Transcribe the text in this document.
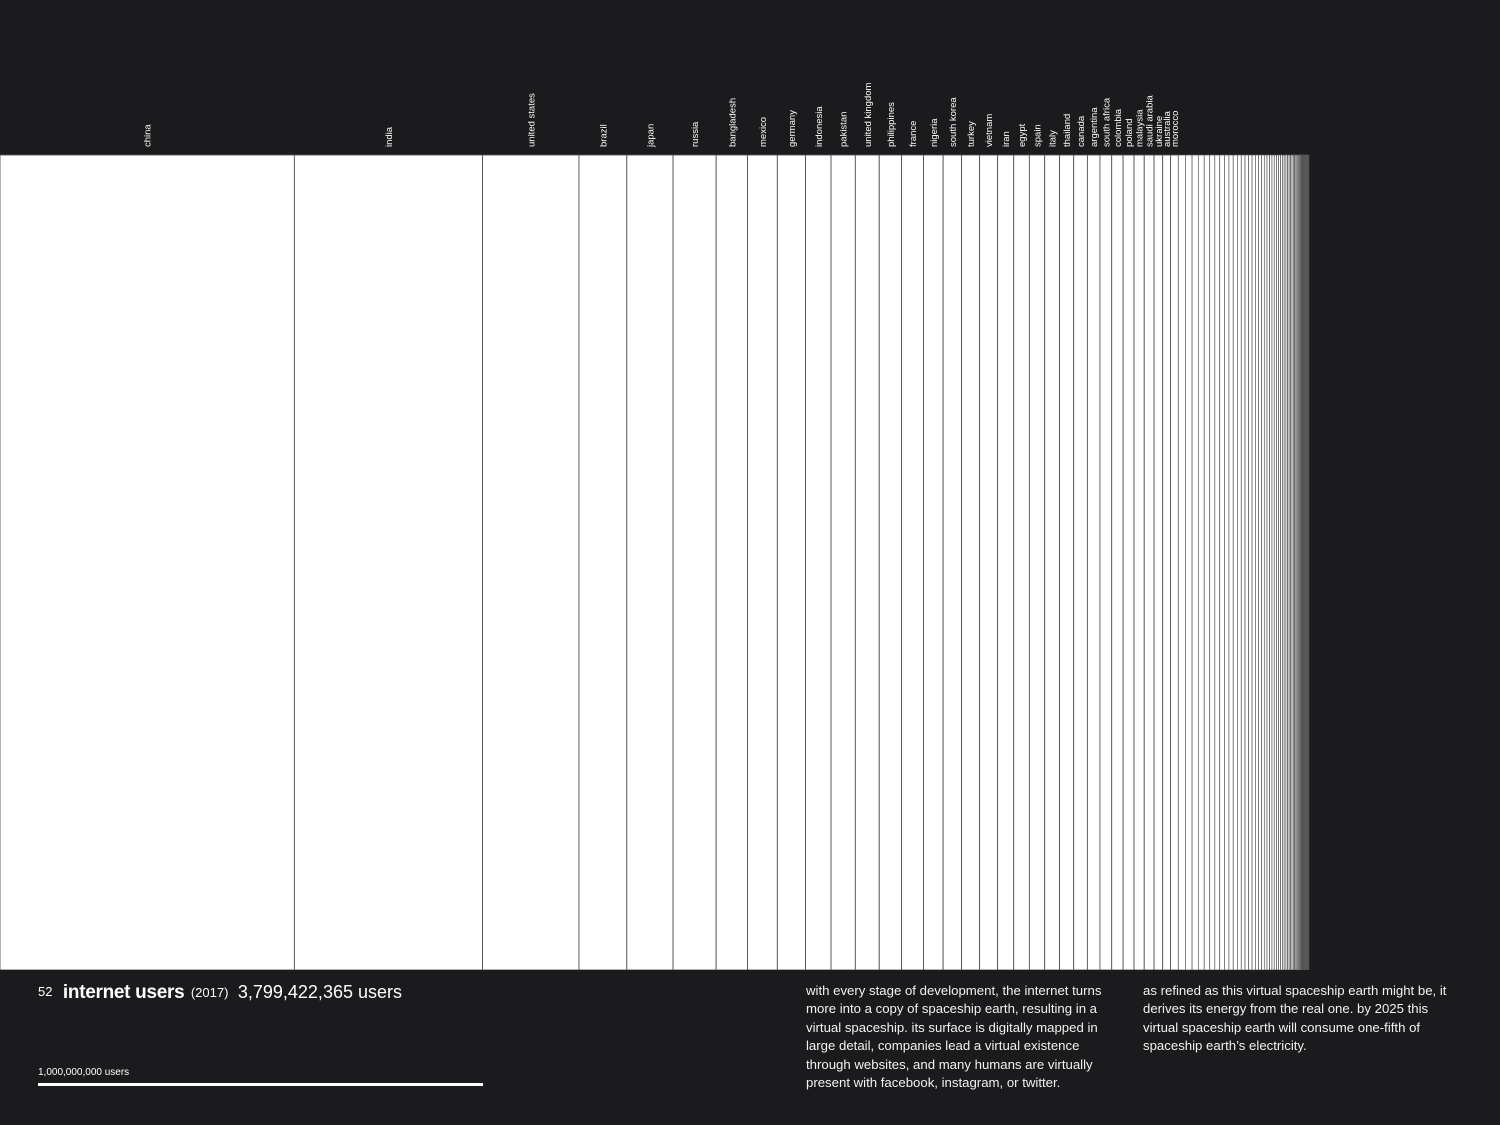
china	india	united states	brazil	japan	russia	bangladesh mexico germany indonesia pakistan united kingdom philippines france nigeria south korea turkey vietnam iran egypt spain italy thailand canada argentina south africa colombia poland malaysia saudi arabia
ukraine
australia
morocco
52 internet users (2017) 3,799,422,365 users
1,000,000,000 users
with every stage of development, the internet turns more into a copy of spaceship earth, resulting in a virtual spaceship. its surface is digitally mapped in large detail, companies lead a virtual existence through websites, and many humans are virtually present with facebook, instagram, or twitter.
as refined as this virtual spaceship earth might be, it derives its energy from the real one. by 2025 this virtual spaceship earth will consume one-fifth of spaceship earth’s electricity.
